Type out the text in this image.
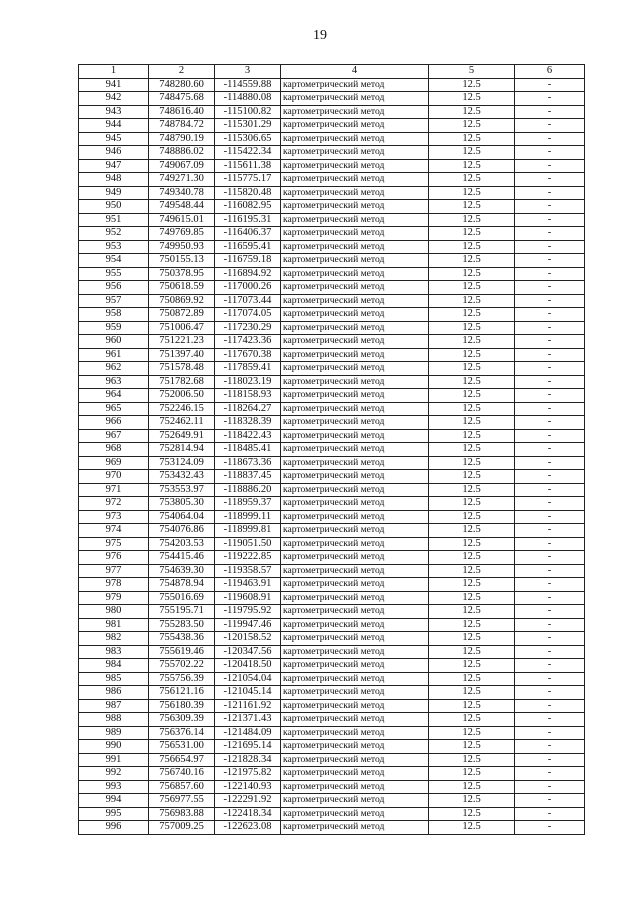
19
1	2	3	4	5	6
941	748280.60	-114559.88	картометрический метод	12.5	-
942	748475.68	-114880.08	картометрический метод	12.5	-
943	748616.40	-115100.82	картометрический метод	12.5	-
944	748784.72	-115301.29	картометрический метод	12.5	-
945	748790.19	-115306.65	картометрический метод	12.5	-
946	748886.02	-115422.34	картометрический метод	12.5	-
947	749067.09	-115611.38	картометрический метод	12.5	-
948	749271.30	-115775.17	картометрический метод	12.5	-
949	749340.78	-115820.48	картометрический метод	12.5	-
950	749548.44	-116082.95	картометрический метод	12.5	-
951	749615.01	-116195.31	картометрический метод	12.5	-
952	749769.85	-116406.37	картометрический метод	12.5	-
953	749950.93	-116595.41	картометрический метод	12.5	-
954	750155.13	-116759.18	картометрический метод	12.5	-
955	750378.95	-116894.92	картометрический метод	12.5	-
956	750618.59	-117000.26	картометрический метод	12.5	-
957	750869.92	-117073.44	картометрический метод	12.5	-
958	750872.89	-117074.05	картометрический метод	12.5	-
959	751006.47	-117230.29	картометрический метод	12.5	-
960	751221.23	-117423.36	картометрический метод	12.5	-
961	751397.40	-117670.38	картометрический метод	12.5	-
962	751578.48	-117859.41	картометрический метод	12.5	-
963	751782.68	-118023.19	картометрический метод	12.5	-
964	752006.50	-118158.93	картометрический метод	12.5	-
965	752246.15	-118264.27	картометрический метод	12.5	-
966	752462.11	-118328.39	картометрический метод	12.5	-
967	752649.91	-118422.43	картометрический метод	12.5	-
968	752814.94	-118485.41	картометрический метод	12.5	-
969	753124.09	-118673.36	картометрический метод	12.5	-
970	753432.43	-118837.45	картометрический метод	12.5	-
971	753553.97	-118886.20	картометрический метод	12.5	-
972	753805.30	-118959.37	картометрический метод	12.5	-
973	754064.04	-118999.11	картометрический метод	12.5	-
974	754076.86	-118999.81	картометрический метод	12.5	-
975	754203.53	-119051.50	картометрический метод	12.5	-
976	754415.46	-119222.85	картометрический метод	12.5	-
977	754639.30	-119358.57	картометрический метод	12.5	-
978	754878.94	-119463.91	картометрический метод	12.5	-
979	755016.69	-119608.91	картометрический метод	12.5	-
980	755195.71	-119795.92	картометрический метод	12.5	-
981	755283.50	-119947.46	картометрический метод	12.5	-
982	755438.36	-120158.52	картометрический метод	12.5	-
983	755619.46	-120347.56	картометрический метод	12.5	-
984	755702.22	-120418.50	картометрический метод	12.5	-
985	755756.39	-121054.04	картометрический метод	12.5	-
986	756121.16	-121045.14	картометрический метод	12.5	-
987	756180.39	-121161.92	картометрический метод	12.5	-
988	756309.39	-121371.43	картометрический метод	12.5	-
989	756376.14	-121484.09	картометрический метод	12.5	-
990	756531.00	-121695.14	картометрический метод	12.5	-
991	756654.97	-121828.34	картометрический метод	12.5	-
992	756740.16	-121975.82	картометрический метод	12.5	-
993	756857.60	-122140.93	картометрический метод	12.5	-
994	756977.55	-122291.92	картометрический метод	12.5	-
995	756983.88	-122418.34	картометрический метод	12.5	-
996	757009.25	-122623.08	картометрический метод	12.5	-
